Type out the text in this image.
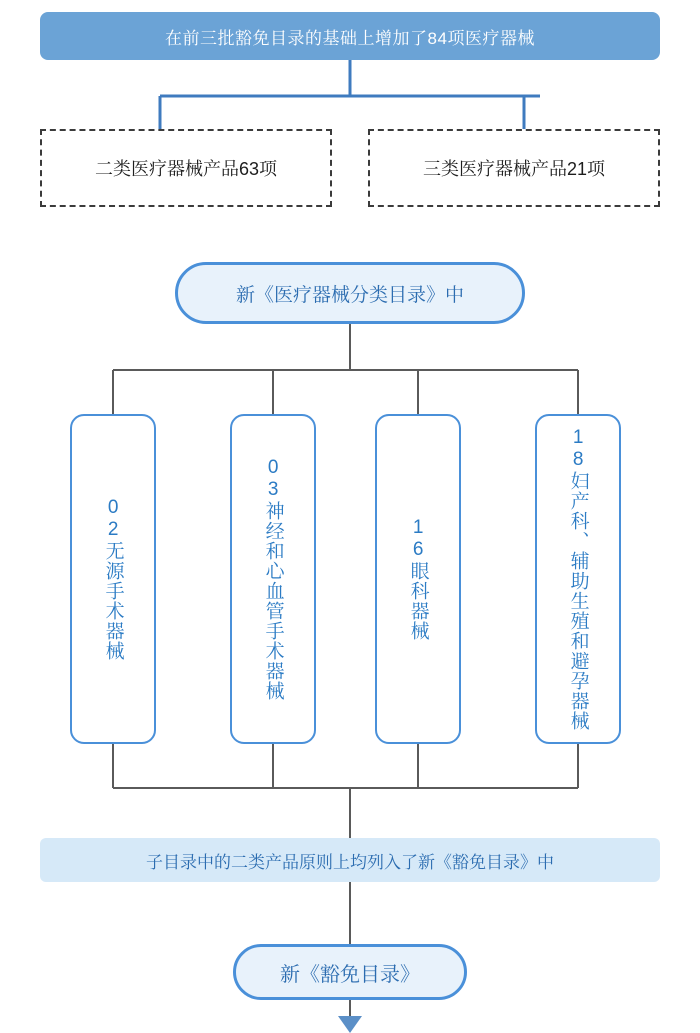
在前三批豁免目录的基础上增加了84项医疗器械
二类医疗器械产品63项	三类医疗器械产品21项
新《医疗器械分类目录》中
02无源手术器械	03神经和心血管手术器械	16眼科器械	18妇产科、辅助生殖和避孕器械
子目录中的二类产品原则上均列入了新《豁免目录》中
新《豁免目录》
